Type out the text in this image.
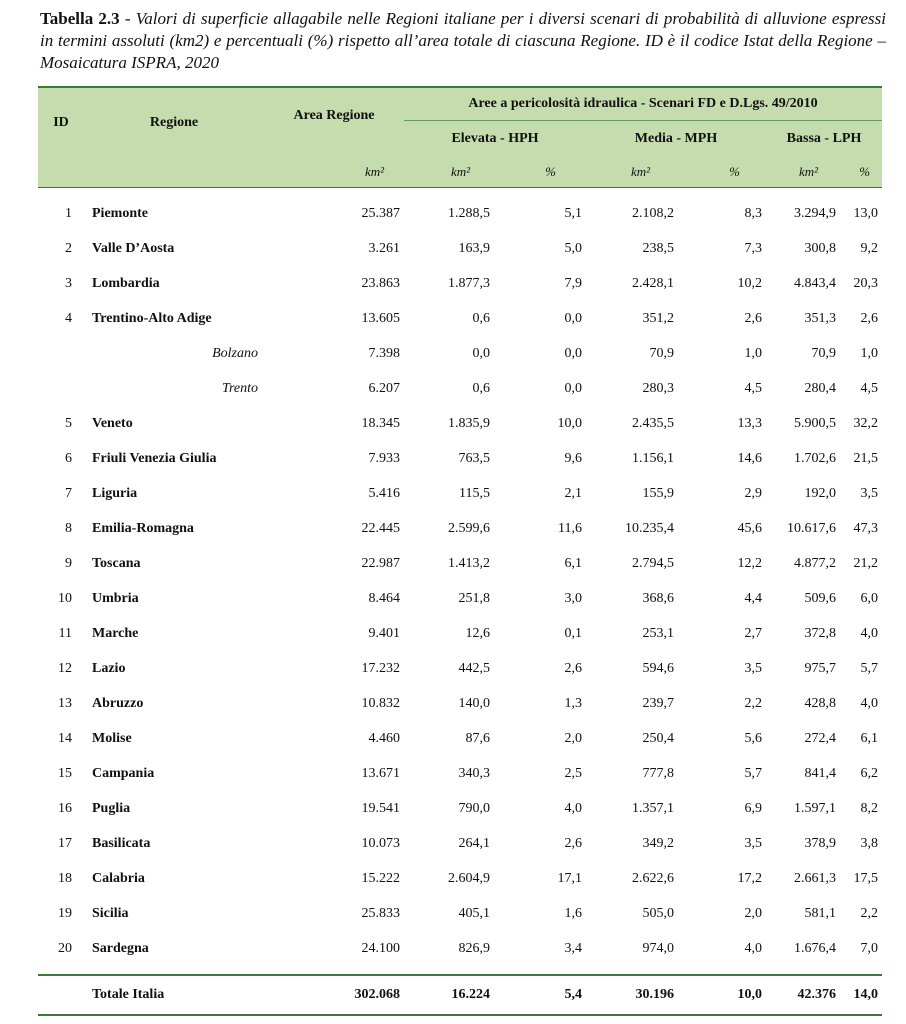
Tabella 2.3 - Valori di superficie allagabile nelle Regioni italiane per i diversi scenari di probabilità di alluvione espressi in termini assoluti (km2) e percentuali (%) rispetto all’area totale di ciascuna Regione. ID è il codice Istat della Regione – Mosaicatura ISPRA, 2020
ID	Regione	Area Regione	Aree a pericolosità idraulica - Scenari FD e D.Lgs. 49/2010					
			Elevata - HPH		Media - MPH		Bassa - LPH	
		km²	km²	%	km²	%	km²	%

1	Piemonte	25.387	1.288,5	5,1	2.108,2	8,3	3.294,9	13,0
2	Valle D’Aosta	3.261	163,9	5,0	238,5	7,3	300,8	9,2
3	Lombardia	23.863	1.877,3	7,9	2.428,1	10,2	4.843,4	20,3
4	Trentino-Alto Adige	13.605	0,6	0,0	351,2	2,6	351,3	2,6
	Bolzano	7.398	0,0	0,0	70,9	1,0	70,9	1,0
	Trento	6.207	0,6	0,0	280,3	4,5	280,4	4,5
5	Veneto	18.345	1.835,9	10,0	2.435,5	13,3	5.900,5	32,2
6	Friuli Venezia Giulia	7.933	763,5	9,6	1.156,1	14,6	1.702,6	21,5
7	Liguria	5.416	115,5	2,1	155,9	2,9	192,0	3,5
8	Emilia-Romagna	22.445	2.599,6	11,6	10.235,4	45,6	10.617,6	47,3
9	Toscana	22.987	1.413,2	6,1	2.794,5	12,2	4.877,2	21,2
10	Umbria	8.464	251,8	3,0	368,6	4,4	509,6	6,0
11	Marche	9.401	12,6	0,1	253,1	2,7	372,8	4,0
12	Lazio	17.232	442,5	2,6	594,6	3,5	975,7	5,7
13	Abruzzo	10.832	140,0	1,3	239,7	2,2	428,8	4,0
14	Molise	4.460	87,6	2,0	250,4	5,6	272,4	6,1
15	Campania	13.671	340,3	2,5	777,8	5,7	841,4	6,2
16	Puglia	19.541	790,0	4,0	1.357,1	6,9	1.597,1	8,2
17	Basilicata	10.073	264,1	2,6	349,2	3,5	378,9	3,8
18	Calabria	15.222	2.604,9	17,1	2.622,6	17,2	2.661,3	17,5
19	Sicilia	25.833	405,1	1,6	505,0	2,0	581,1	2,2
20	Sardegna	24.100	826,9	3,4	974,0	4,0	1.676,4	7,0

	Totale Italia	302.068	16.224	5,4	30.196	10,0	42.376	14,0
